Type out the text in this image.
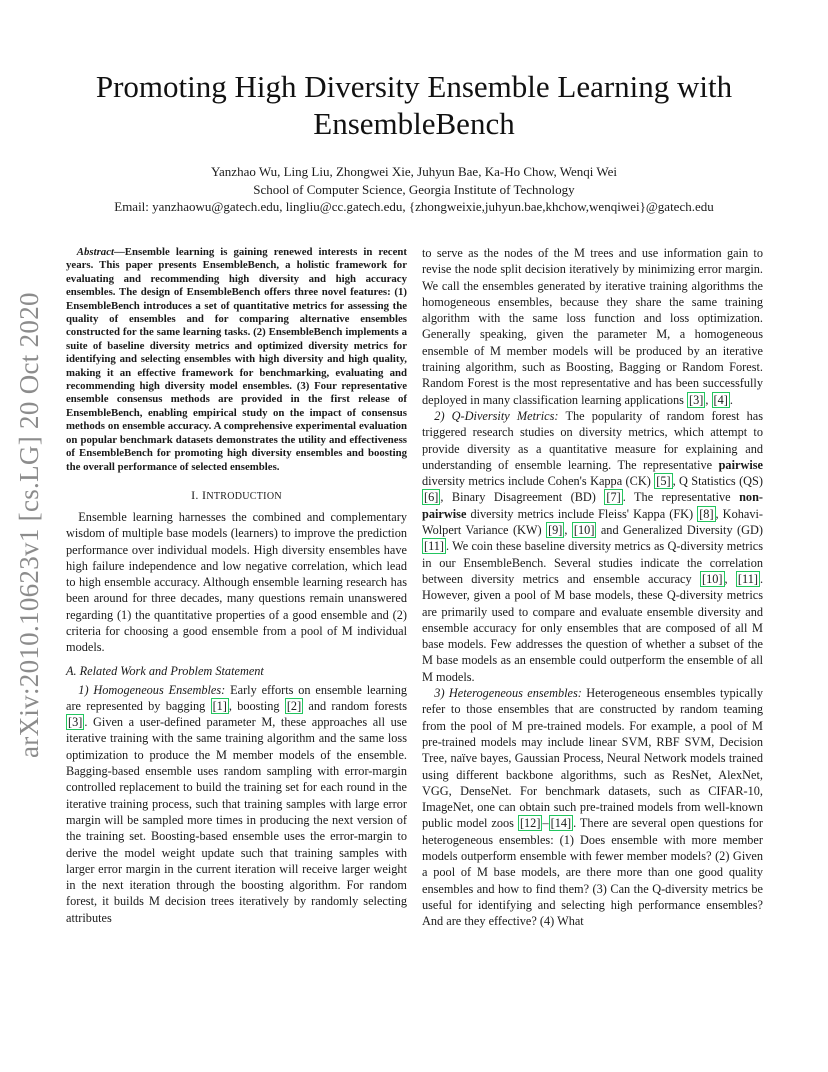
arXiv:2010.10623v1 [cs.LG] 20 Oct 2020
Promoting High Diversity Ensemble Learning with EnsembleBench
Yanzhao Wu, Ling Liu, Zhongwei Xie, Juhyun Bae, Ka-Ho Chow, Wenqi Wei
School of Computer Science, Georgia Institute of Technology
Email: yanzhaowu@gatech.edu, lingliu@cc.gatech.edu, {zhongweixie,juhyun.bae,khchow,wenqiwei}@gatech.edu

Abstract—Ensemble learning is gaining renewed interests in recent years. This paper presents EnsembleBench, a holistic framework for evaluating and recommending high diversity and high accuracy ensembles. The design of EnsembleBench offers three novel features: (1) EnsembleBench introduces a set of quantitative metrics for assessing the quality of ensembles and for comparing alternative ensembles constructed for the same learning tasks. (2) EnsembleBench implements a suite of baseline diversity metrics and optimized diversity metrics for identifying and selecting ensembles with high diversity and high quality, making it an effective framework for benchmarking, evaluating and recommending high diversity model ensembles. (3) Four representative ensemble consensus methods are provided in the first release of EnsembleBench, enabling empirical study on the impact of consensus methods on ensemble accuracy. A comprehensive experimental evaluation on popular benchmark datasets demonstrates the utility and effectiveness of EnsembleBench for promoting high diversity ensembles and boosting the overall performance of selected ensembles.

I. INTRODUCTION

Ensemble learning harnesses the combined and complementary wisdom of multiple base models (learners) to improve the prediction performance over individual models. High diversity ensembles have high failure independence and low negative correlation, which lead to high ensemble accuracy. Although ensemble learning research has been around for three decades, many questions remain unanswered regarding (1) the quantitative properties of a good ensemble and (2) criteria for choosing a good ensemble from a pool of M individual models.

A. Related Work and Problem Statement

1) Homogeneous Ensembles: Early efforts on ensemble learning are represented by bagging [1] , boosting [2] and random forests [3] . Given a user-defined parameter M, these approaches all use iterative training with the same training algorithm and the same loss optimization to produce the M member models of the ensemble. Bagging-based ensemble uses random sampling with error-margin controlled replacement to build the training set for each round in the iterative training process, such that training samples with large error margin will be sampled more times in producing the next version of the training set. Boosting-based ensemble uses the error-margin to derive the model weight update such that training samples with larger error margin in the current iteration will receive larger weight in the next iteration through the boosting algorithm. For random forest, it builds M decision trees iteratively by randomly selecting attributes

to serve as the nodes of the M trees and use information gain to revise the node split decision iteratively by minimizing error margin. We call the ensembles generated by iterative training algorithms the homogeneous ensembles, because they share the same training algorithm with the same loss function and loss optimization. Generally speaking, given the parameter M, a homogeneous ensemble of M member models will be produced by an iterative training algorithm, such as Boosting, Bagging or Random Forest. Random Forest is the most representative and has been successfully deployed in many classification learning applications [3] , [4] .

2) Q-Diversity Metrics: The popularity of random forest has triggered research studies on diversity metrics, which attempt to provide diversity as a quantitative measure for explaining and understanding of ensemble learning. The representative pairwise diversity metrics include Cohen's Kappa (CK) [5] , Q Statistics (QS) [6] , Binary Disagreement (BD) [7] . The representative non-pairwise diversity metrics include Fleiss' Kappa (FK) [8] , Kohavi-Wolpert Variance (KW) [9] , [10] and Generalized Diversity (GD) [11] . We coin these baseline diversity metrics as Q-diversity metrics in our EnsembleBench. Several studies indicate the correlation between diversity metrics and ensemble accuracy [10] , [11] . However, given a pool of M base models, these Q-diversity metrics are primarily used to compare and evaluate ensemble diversity and ensemble accuracy for only ensembles that are composed of all M base models. Few addresses the question of whether a subset of the M base models as an ensemble could outperform the ensemble of all M models.

3) Heterogeneous ensembles: Heterogeneous ensembles typically refer to those ensembles that are constructed by random teaming from the pool of M pre-trained models. For example, a pool of M pre-trained models may include linear SVM, RBF SVM, Decision Tree, naïve bayes, Gaussian Process, Neural Network models trained using different backbone algorithms, such as ResNet, AlexNet, VGG, DenseNet. For benchmark datasets, such as CIFAR-10, ImageNet, one can obtain such pre-trained models from well-known public model zoos [12] – [14] . There are several open questions for heterogeneous ensembles: (1) Does ensemble with more member models outperform ensemble with fewer member models? (2) Given a pool of M base models, are there more than one good quality ensembles and how to find them? (3) Can the Q-diversity metrics be useful for identifying and selecting high performance ensembles? And are they effective? (4) What
